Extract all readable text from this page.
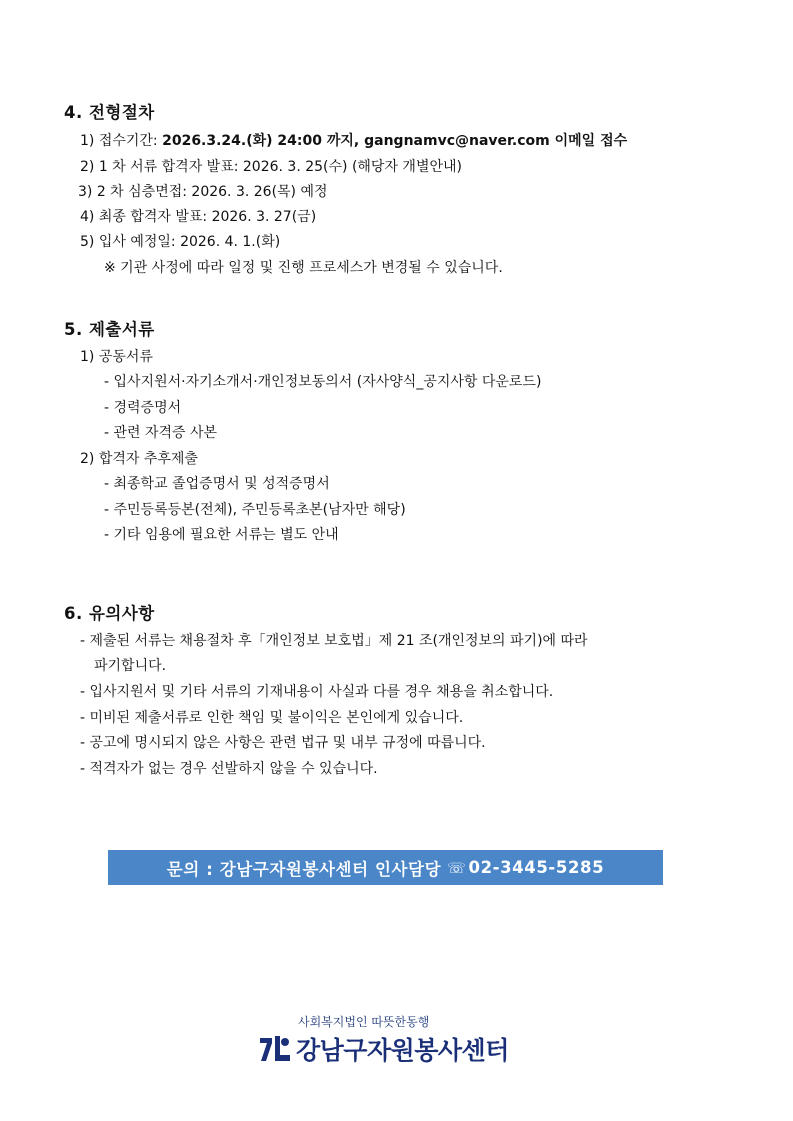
4. 전형절차
1) 접수기간: 2026.3.24.(화) 24:00 까지, gangnamvc@naver.com 이메일 접수
2) 1 차 서류 합격자 발표: 2026. 3. 25(수) (해당자 개별안내)
3) 2 차 심층면접: 2026. 3. 26(목) 예정
4) 최종 합격자 발표: 2026. 3. 27(금)
5) 입사 예정일: 2026. 4. 1.(화)
※ 기관 사정에 따라 일정 및 진행 프로세스가 변경될 수 있습니다.
5. 제출서류
1) 공동서류
- 입사지원서·자기소개서·개인정보동의서 (자사양식_공지사항 다운로드)
- 경력증명서
- 관련 자격증 사본
2) 합격자 추후제출
- 최종학교 졸업증명서 및 성적증명서
- 주민등록등본(전체), 주민등록초본(남자만 해당)
- 기타 임용에 필요한 서류는 별도 안내
6. 유의사항
- 제출된 서류는 채용절차 후「개인정보 보호법」제 21 조(개인정보의 파기)에 따라
파기합니다.
- 입사지원서 및 기타 서류의 기재내용이 사실과 다를 경우 채용을 취소합니다.
- 미비된 제출서류로 인한 책임 및 불이익은 본인에게 있습니다.
- 공고에 명시되지 않은 사항은 관련 법규 및 내부 규정에 따릅니다.
- 적격자가 없는 경우 선발하지 않을 수 있습니다.
문의 : 강남구자원봉사센터 인사담당 ☏ 02-3445-5285
사회복지법인 따뜻한동행
강남구자원봉사센터
